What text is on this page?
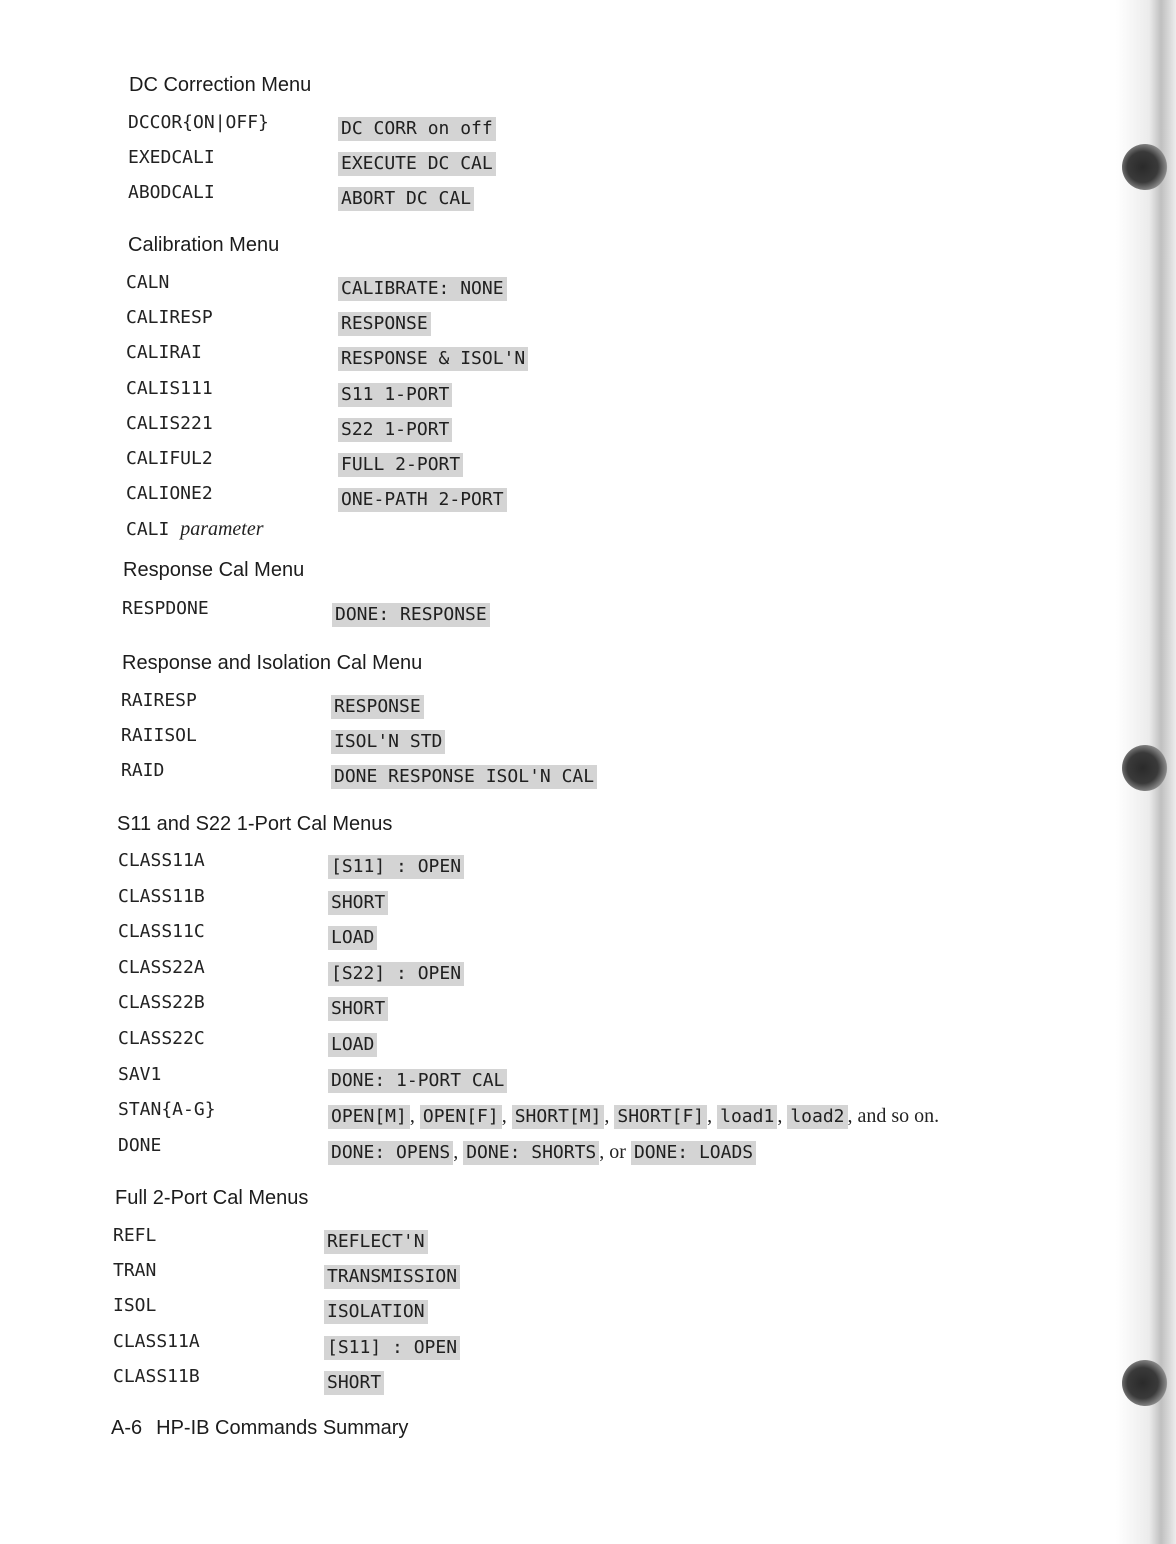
DC Correction Menu
DCCOR{ON|OFF}	DC CORR on off
EXEDCALI	EXECUTE DC CAL
ABODCALI	ABORT DC CAL
Calibration Menu
CALN	CALIBRATE: NONE
CALIRESP	RESPONSE
CALIRAI	RESPONSE & ISOL'N
CALIS111	S11 1-PORT
CALIS221	S22 1-PORT
CALIFUL2	FULL 2-PORT
CALIONE2	ONE-PATH 2-PORT
CALI parameter
Response Cal Menu
RESPDONE	DONE: RESPONSE
Response and Isolation Cal Menu
RAIRESP	RESPONSE
RAIISOL	ISOL'N STD
RAID	DONE RESPONSE ISOL'N CAL
S11 and S22 1-Port Cal Menus
CLASS11A	[S11] : OPEN
CLASS11B	SHORT
CLASS11C	LOAD
CLASS22A	[S22] : OPEN
CLASS22B	SHORT
CLASS22C	LOAD
SAV1	DONE: 1-PORT CAL
STAN{A-G}	OPEN[M] , OPEN[F] , SHORT[M] , SHORT[F] , load1 , load2 , and so on.
DONE	DONE: OPENS , DONE: SHORTS , or DONE: LOADS
Full 2-Port Cal Menus
REFL	REFLECT'N
TRAN	TRANSMISSION
ISOL	ISOLATION
CLASS11A	[S11] : OPEN
CLASS11B	SHORT
A-6 HP-IB Commands Summary
